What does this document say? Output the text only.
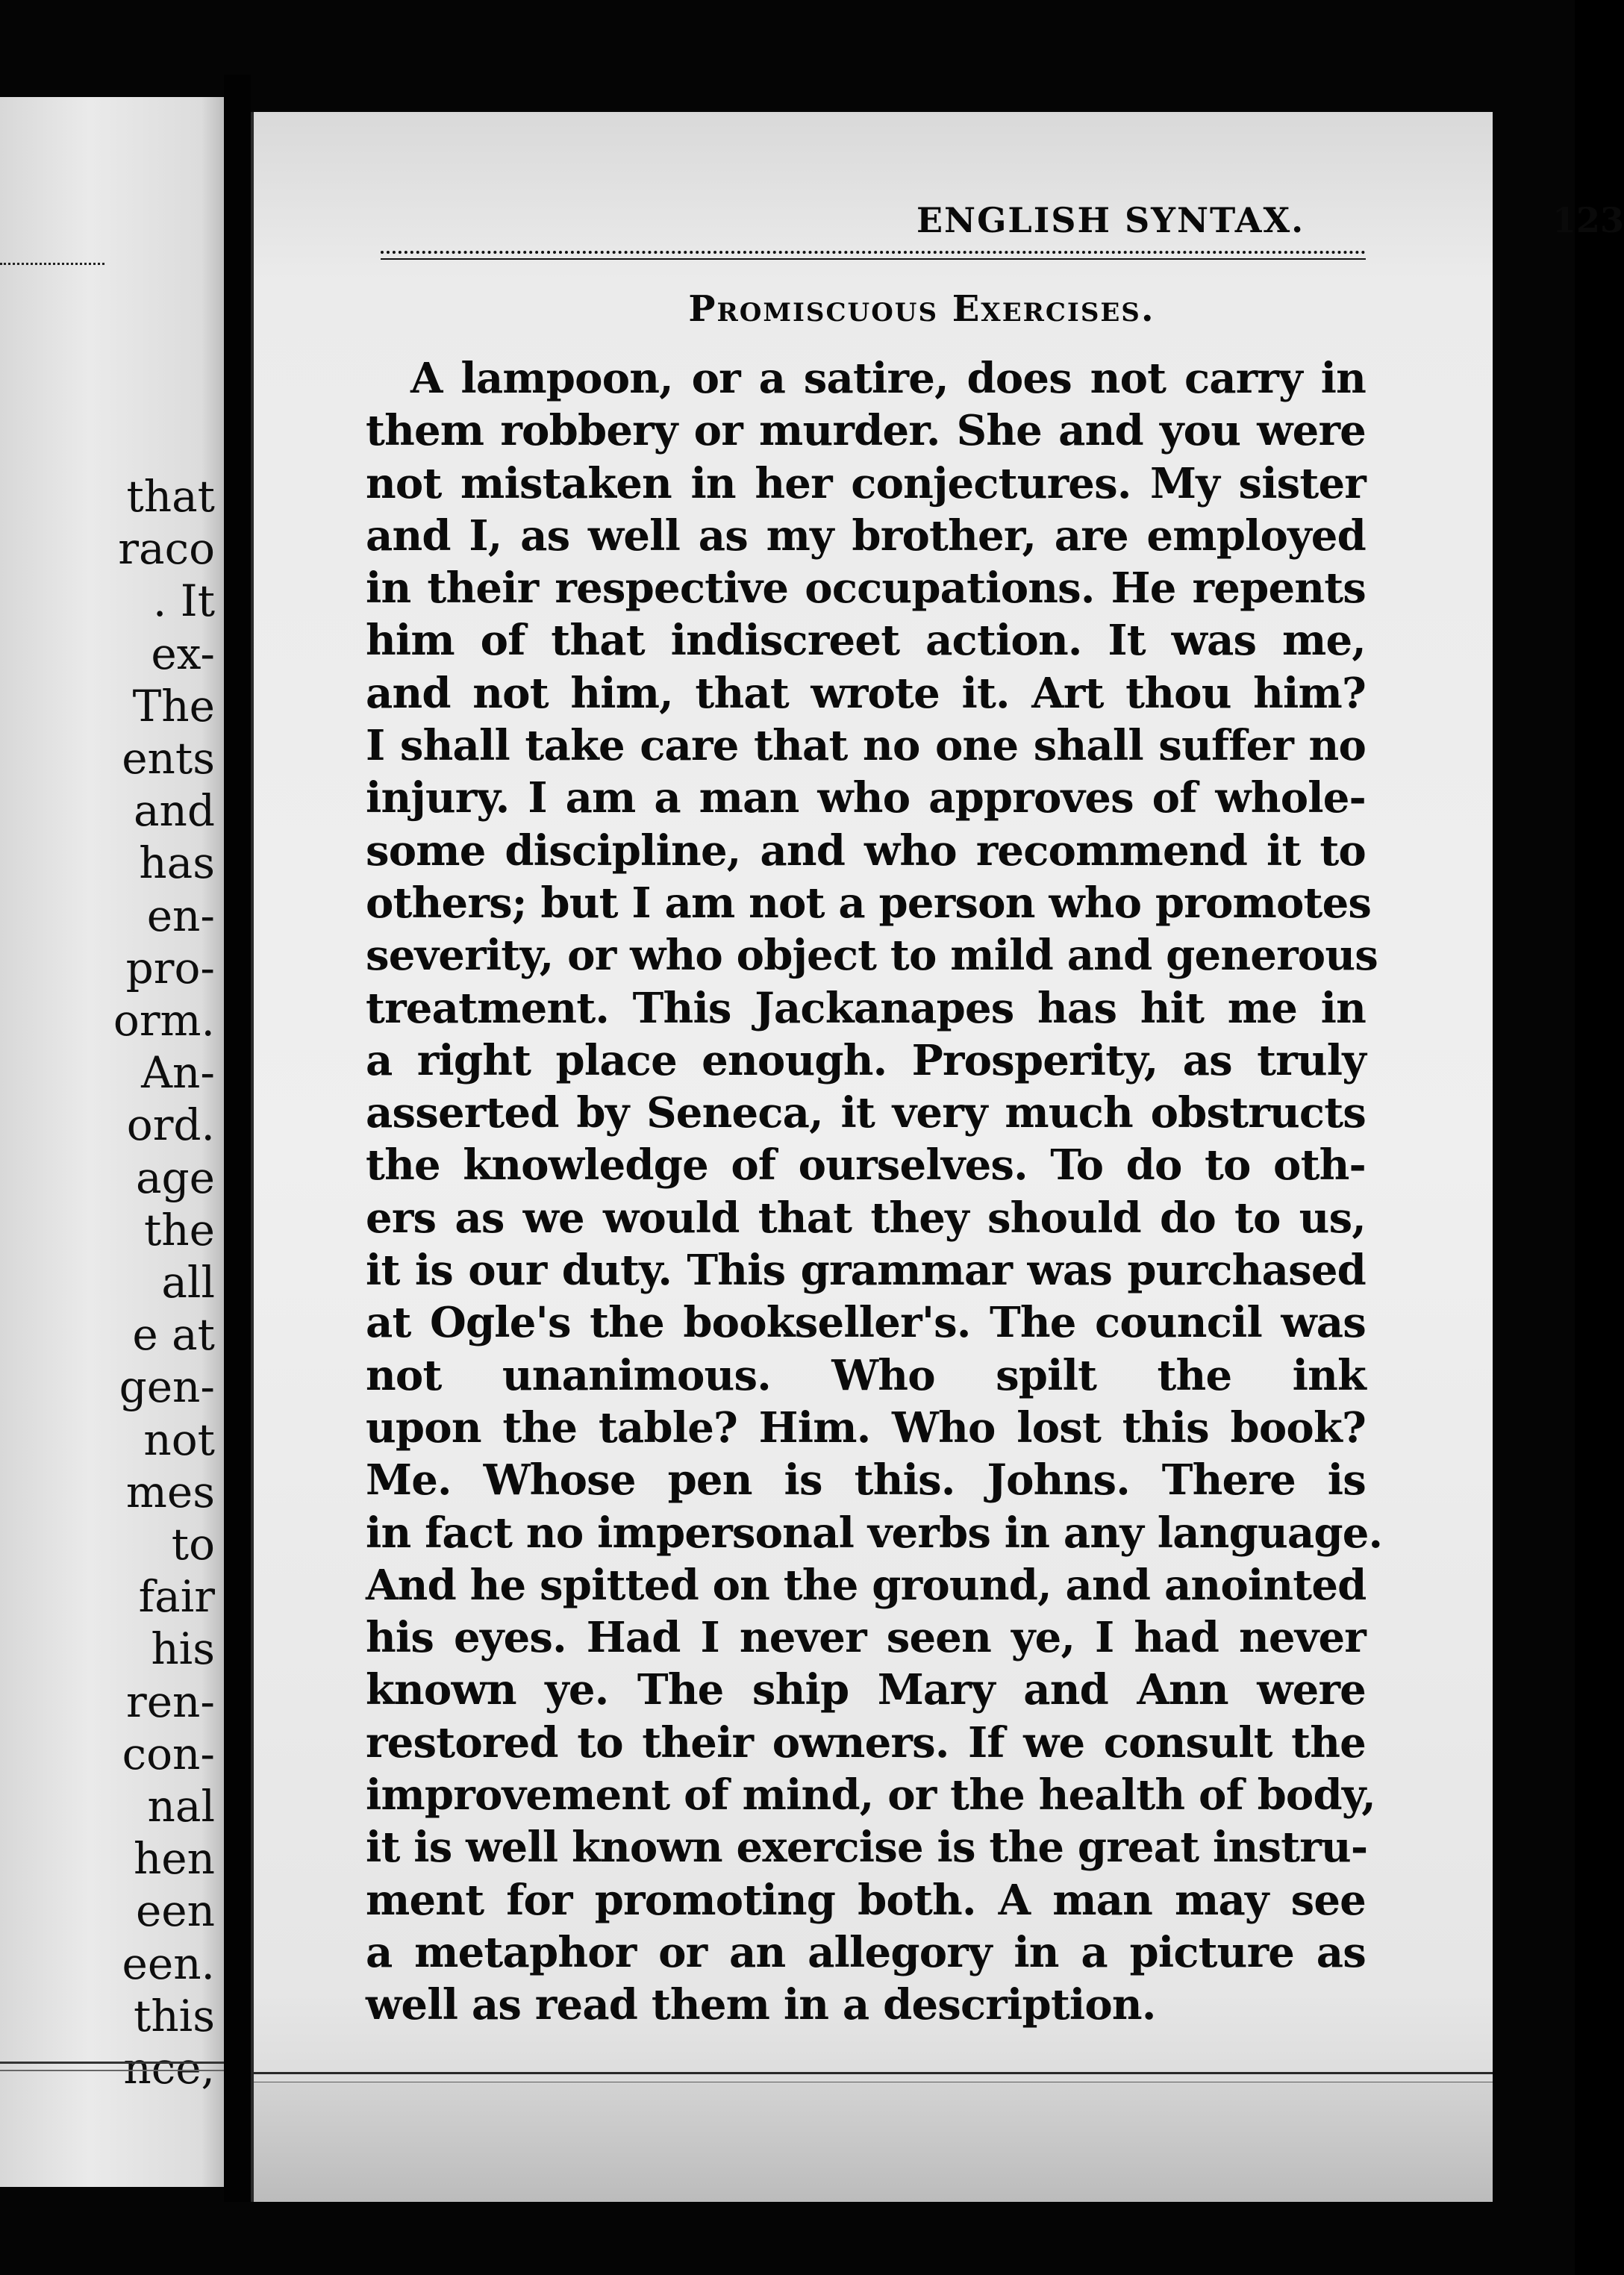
that
raco
. It
ex-
The
ents
and
has
en-
pro-
orm.
An-
ord.
age
the
all
e at
gen-
not
mes
to
fair
his
ren-
con-
nal
hen
een
een.
this
nce,
ENGLISH SYNTAX.	123
Promiscuous Exercises.
A lampoon, or a satire, does not carry in
them robbery or murder. She and you were
not mistaken in her conjectures. My sister
and I, as well as my brother, are employed
in their respective occupations. He repents
him of that indiscreet action. It was me,
and not him, that wrote it. Art thou him?
I shall take care that no one shall suffer no
injury. I am a man who approves of whole-
some discipline, and who recommend it to
others; but I am not a person who promotes
severity, or who object to mild and generous
treatment. This Jackanapes has hit me in
a right place enough. Prosperity, as truly
asserted by Seneca, it very much obstructs
the knowledge of ourselves. To do to oth-
ers as we would that they should do to us,
it is our duty. This grammar was purchased
at Ogle's the bookseller's. The council was
not unanimous. Who spilt the ink
upon the table? Him. Who lost this book?
Me. Whose pen is this. Johns. There is
in fact no impersonal verbs in any language.
And he spitted on the ground, and anointed
his eyes. Had I never seen ye, I had never
known ye. The ship Mary and Ann were
restored to their owners. If we consult the
improvement of mind, or the health of body,
it is well known exercise is the great instru-
ment for promoting both. A man may see
a metaphor or an allegory in a picture as
well as read them in a description.
